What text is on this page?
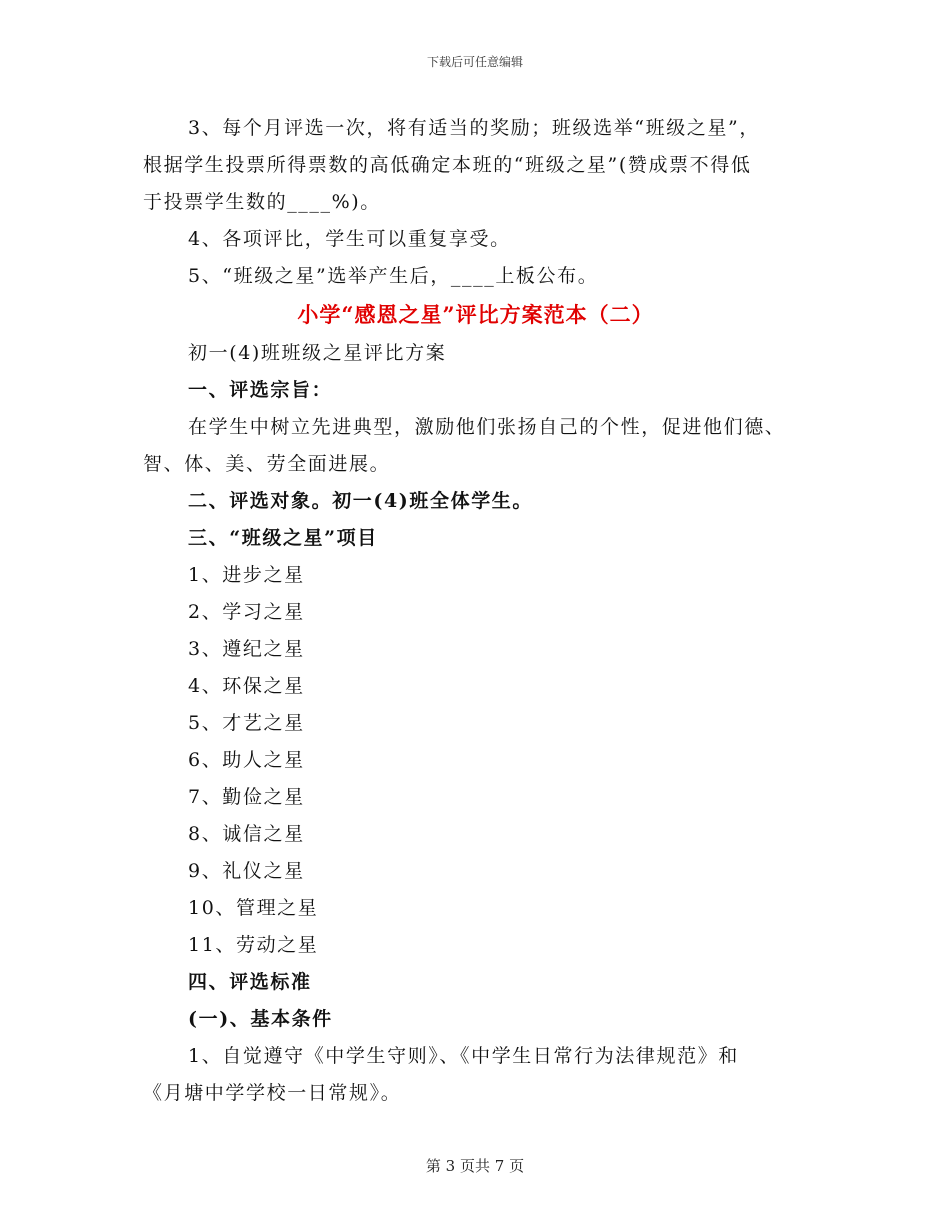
下载后可任意编辑

3、每个月评选一次，将有适当的奖励；班级选举“班级之星”，

根据学生投票所得票数的高低确定本班的“班级之星”(赞成票不得低

于投票学生数的____%)。

4、各项评比，学生可以重复享受。

5、“班级之星”选举产生后，____上板公布。

小学“感恩之星”评比方案范本（二）

初一(4)班班级之星评比方案

一、评选宗旨：

在学生中树立先进典型，激励他们张扬自己的个性，促进他们德、

智、体、美、劳全面进展。

二、评选对象。初一(4)班全体学生。

三、“班级之星”项目

1、进步之星

2、学习之星

3、遵纪之星

4、环保之星

5、才艺之星

6、助人之星

7、勤俭之星

8、诚信之星

9、礼仪之星

10、管理之星

11、劳动之星

四、评选标准

(一)、基本条件

1、自觉遵守《中学生守则》、《中学生日常行为法律规范》和

《月塘中学学校一日常规》。

第 3 页共 7 页
